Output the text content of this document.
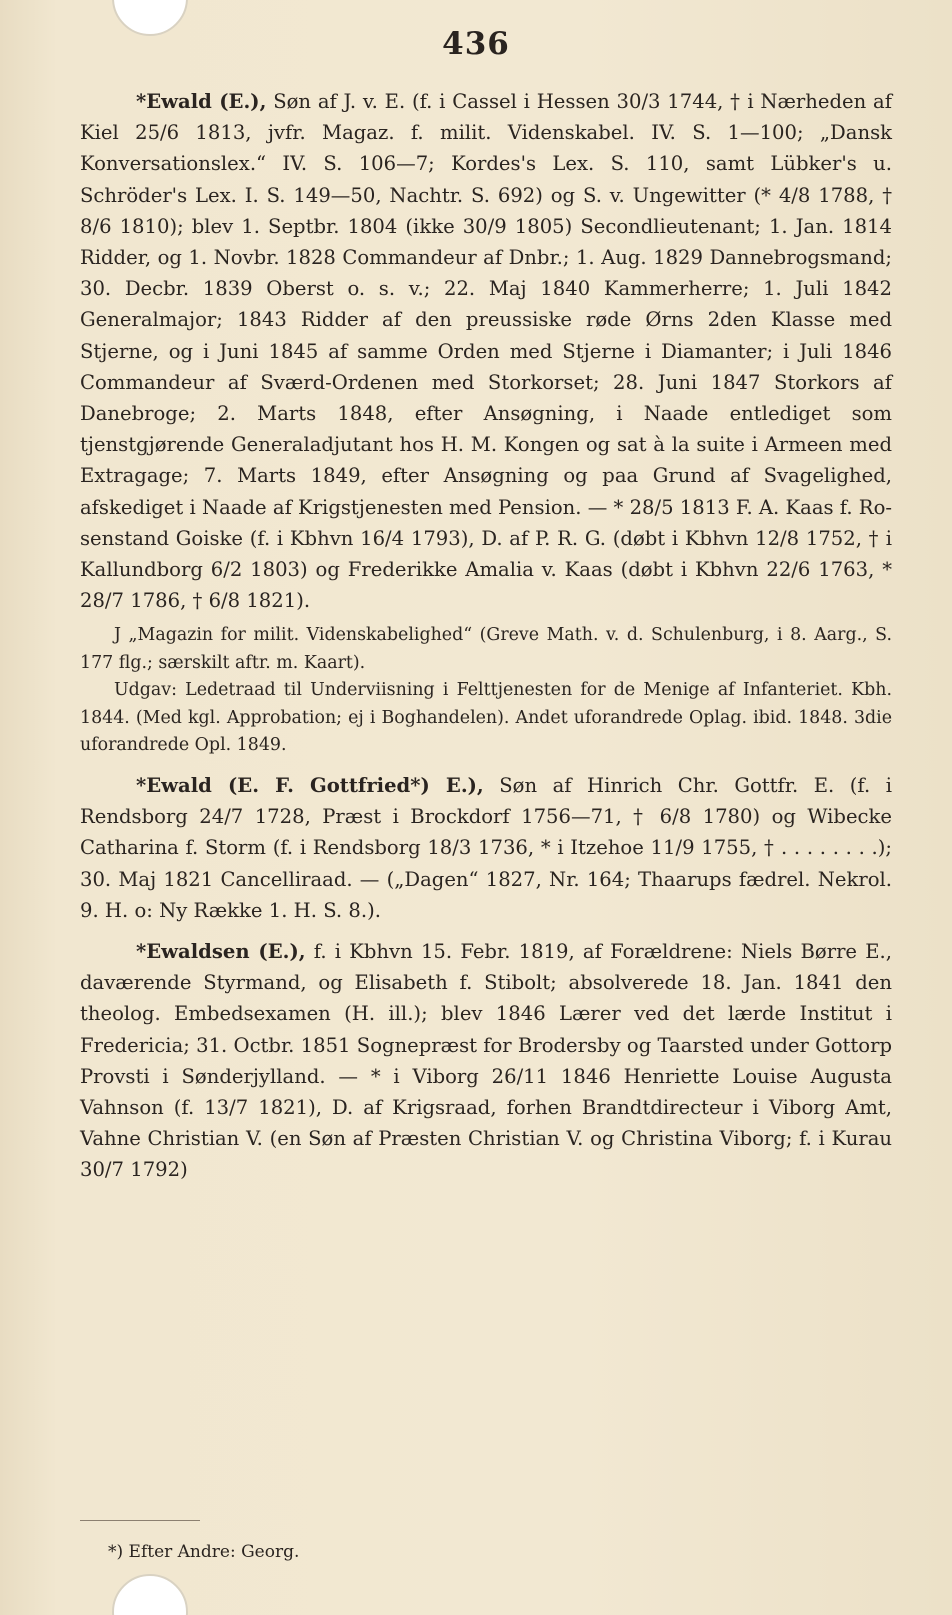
436

*Ewald (E.), Søn af J. v. E. (f. i Cassel i Hessen 30/3 1744, † i Nærheden af Kiel 25/6 1813, jvfr. Magaz. f. milit. Videnskabel. IV. S. 1—100; „Dansk Konversationslex.“ IV. S. 106—7; Kordes's Lex. S. 110, samt Lübker's u. Schröder's Lex. I. S. 149—50, Nachtr. S. 692) og S. v. Ungewitter (* 4/8 1788, † 8/6 1810); blev 1. Septbr. 1804 (ikke 30/9 1805) Secondlieutenant; 1. Jan. 1814 Ridder, og 1. Novbr. 1828 Commandeur af Dnbr.; 1. Aug. 1829 Dannebrogsmand; 30. Decbr. 1839 Oberst o. s. v.; 22. Maj 1840 Kammerherre; 1. Juli 1842 Generalmajor; 1843 Ridder af den preussiske røde Ørns 2den Klasse med Stjerne, og i Juni 1845 af samme Orden med Stjerne i Diamanter; i Juli 1846 Commandeur af Sværd-Ordenen med Storkorset; 28. Juni 1847 Storkors af Danebroge; 2. Marts 1848, efter Ansøgning, i Naade entlediget som tjenstgjørende Generaladjutant hos H. M. Kongen og sat à la suite i Armeen med Extragage; 7. Marts 1849, efter Ansøgning og paa Grund af Svagelighed, afskediget i Naade af Krigstjenesten med Pension. — * 28/5 1813 F. A. Kaas f. Rosenstand Goiske (f. i Kbhvn 16/4 1793), D. af P. R. G. (døbt i Kbhvn 12/8 1752, † i Kallundborg 6/2 1803) og Frederikke Amalia v. Kaas (døbt i Kbhvn 22/6 1763, * 28/7 1786, † 6/8 1821).

J „Magazin for milit. Videnskabelighed“ (Greve Math. v. d. Schulenburg, i 8. Aarg., S. 177 flg.; særskilt aftr. m. Kaart).

Udgav: Ledetraad til Underviisning i Felttjenesten for de Menige af Infanteriet. Kbh. 1844. (Med kgl. Approbation; ej i Boghandelen). Andet uforandrede Oplag. ibid. 1848. 3die uforandrede Opl. 1849.

*Ewald (E. F. Gottfried*) E.), Søn af Hinrich Chr. Gottfr. E. (f. i Rendsborg 24/7 1728, Præst i Brockdorf 1756—71, † 6/8 1780) og Wibecke Catharina f. Storm (f. i Rendsborg 18/3 1736, * i Itzehoe 11/9 1755, † . . . . . . . .); 30. Maj 1821 Cancelliraad. — („Dagen“ 1827, Nr. 164; Thaarups fædrel. Nekrol. 9. H. o: Ny Række 1. H. S. 8.).

*Ewaldsen (E.), f. i Kbhvn 15. Febr. 1819, af Forældrene: Niels Børre E., daværende Styrmand, og Elisabeth f. Stibolt; absolverede 18. Jan. 1841 den theolog. Embedsexamen (H. ill.); blev 1846 Lærer ved det lærde Institut i Fredericia; 31. Octbr. 1851 Sognepræst for Brodersby og Taarsted under Gottorp Provsti i Sønderjylland. — * i Viborg 26/11 1846 Henriette Louise Augusta Vahnson (f. 13/7 1821), D. af Krigsraad, forhen Brandtdirecteur i Viborg Amt, Vahne Christian V. (en Søn af Præsten Christian V. og Christina Viborg; f. i Kurau 30/7 1792)

*) Efter Andre: Georg.
